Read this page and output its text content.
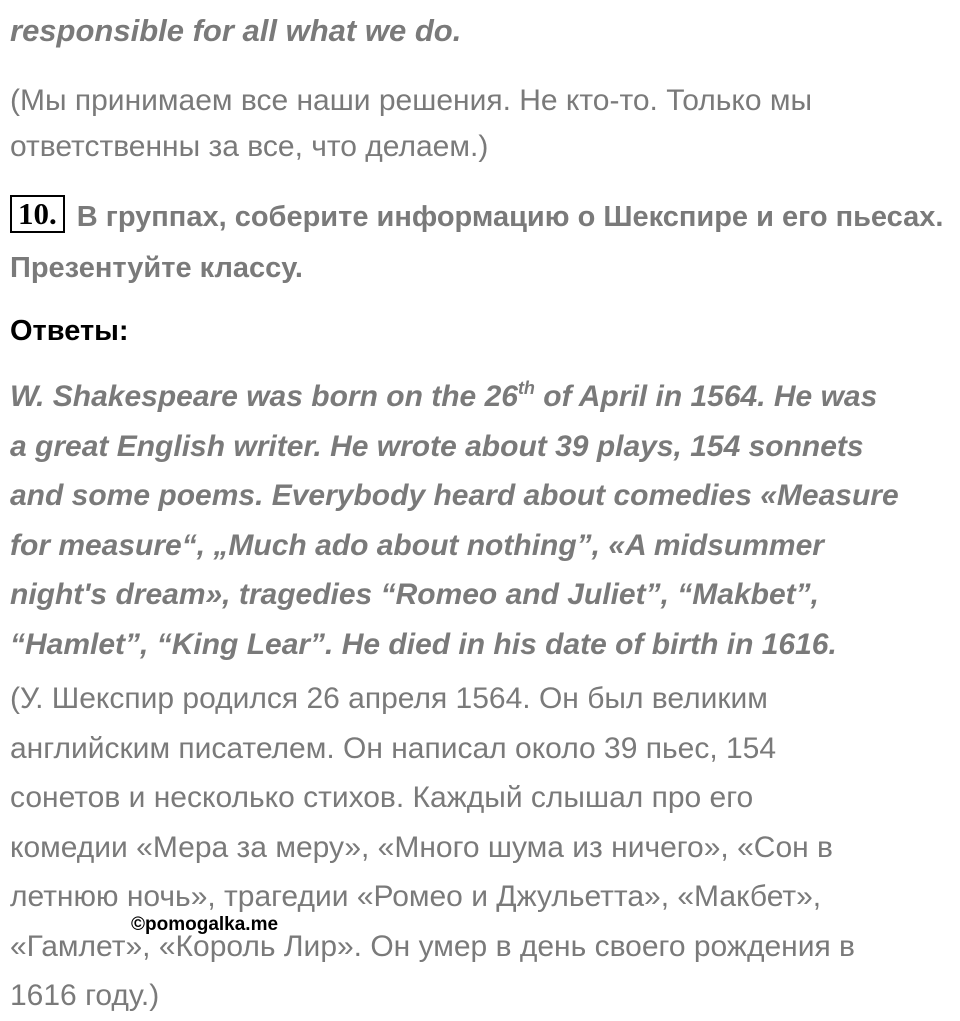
responsible for all what we do.
(Мы принимаем все наши решения. Не кто-то. Только мы ответственны за все, что делаем.)
10. В группах, соберите информацию о Шекспире и его пьесах. Презентуйте классу.
Ответы:
W. Shakespeare was born on the 26th of April in 1564. He was
a great English writer. He wrote about 39 plays, 154 sonnets
and some poems. Everybody heard about comedies «Measure
for measure“, „Much ado about nothing”, «A midsummer
night's dream», tragedies “Romeo and Juliet”, “Makbet”,
“Hamlet”, “King Lear”. He died in his date of birth in 1616.
(У. Шекспир родился 26 апреля 1564. Он был великим
английским писателем. Он написал около 39 пьес, 154
сонетов и несколько стихов. Каждый слышал про его
комедии «Мера за меру», «Много шума из ничего», «Сон в
летнюю ночь», трагедии «Ромео и Джульетта», «Макбет»,
«Гамлет», «Король Лир». Он умер в день своего рождения в
1616 году.)
©pomogalka.me
